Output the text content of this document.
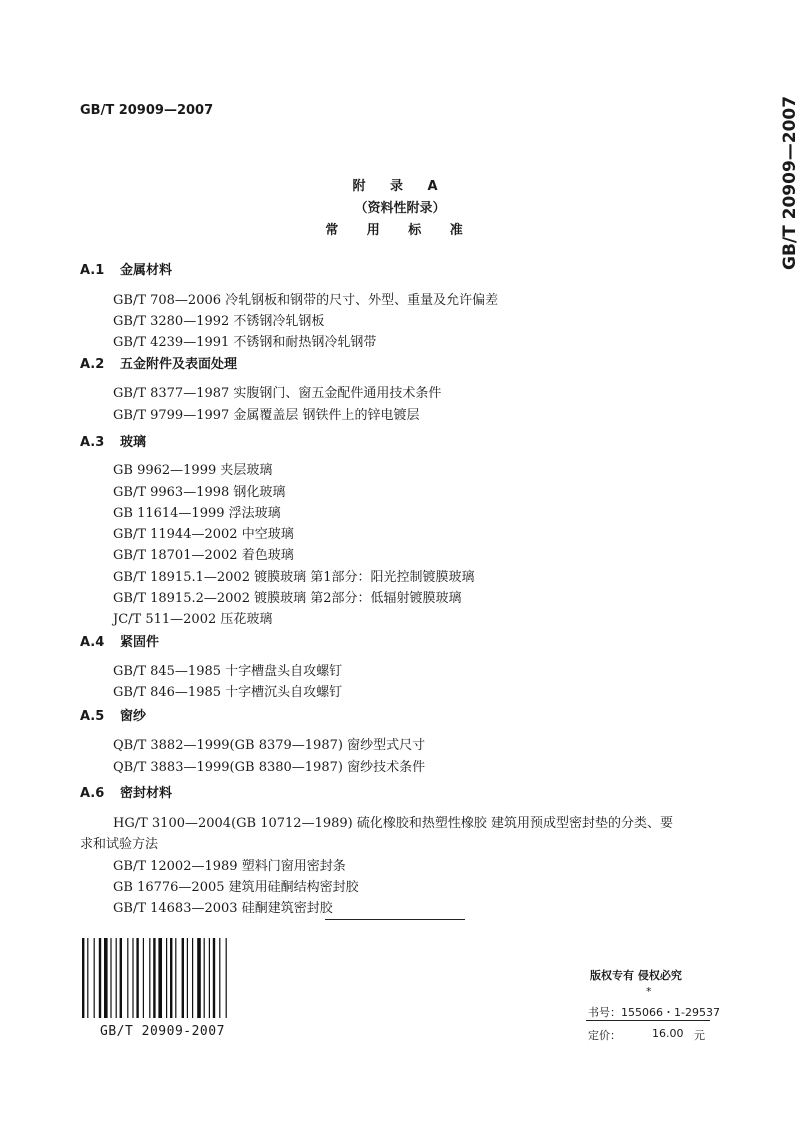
GB/T 20909—2007	GB/T 20909—2007
附 录 A
（资料性附录）
常 用 标 准
A.1 金属材料
GB/T 708—2006 冷轧钢板和钢带的尺寸、外型、重量及允许偏差
GB/T 3280—1992 不锈钢冷轧钢板
GB/T 4239—1991 不锈钢和耐热钢冷轧钢带
A.2 五金附件及表面处理
GB/T 8377—1987 实腹钢门、窗五金配件通用技术条件
GB/T 9799—1997 金属覆盖层 钢铁件上的锌电镀层
A.3 玻璃
GB 9962—1999 夹层玻璃
GB/T 9963—1998 钢化玻璃
GB 11614—1999 浮法玻璃
GB/T 11944—2002 中空玻璃
GB/T 18701—2002 着色玻璃
GB/T 18915.1—2002 镀膜玻璃 第1部分：阳光控制镀膜玻璃
GB/T 18915.2—2002 镀膜玻璃 第2部分：低辐射镀膜玻璃
JC/T 511—2002 压花玻璃
A.4 紧固件
GB/T 845—1985 十字槽盘头自攻螺钉
GB/T 846—1985 十字槽沉头自攻螺钉
A.5 窗纱
QB/T 3882—1999(GB 8379—1987) 窗纱型式尺寸
QB/T 3883—1999(GB 8380—1987) 窗纱技术条件
A.6 密封材料
HG/T 3100—2004(GB 10712—1989) 硫化橡胶和热塑性橡胶 建筑用预成型密封垫的分类、要
求和试验方法
GB/T 12002—1989 塑料门窗用密封条
GB 16776—2005 建筑用硅酮结构密封胶
GB/T 14683—2003 硅酮建筑密封胶
GB/T 20909-2007
版权专有 侵权必究
*
书号：155066・1-29537
定价：	16.00 元
